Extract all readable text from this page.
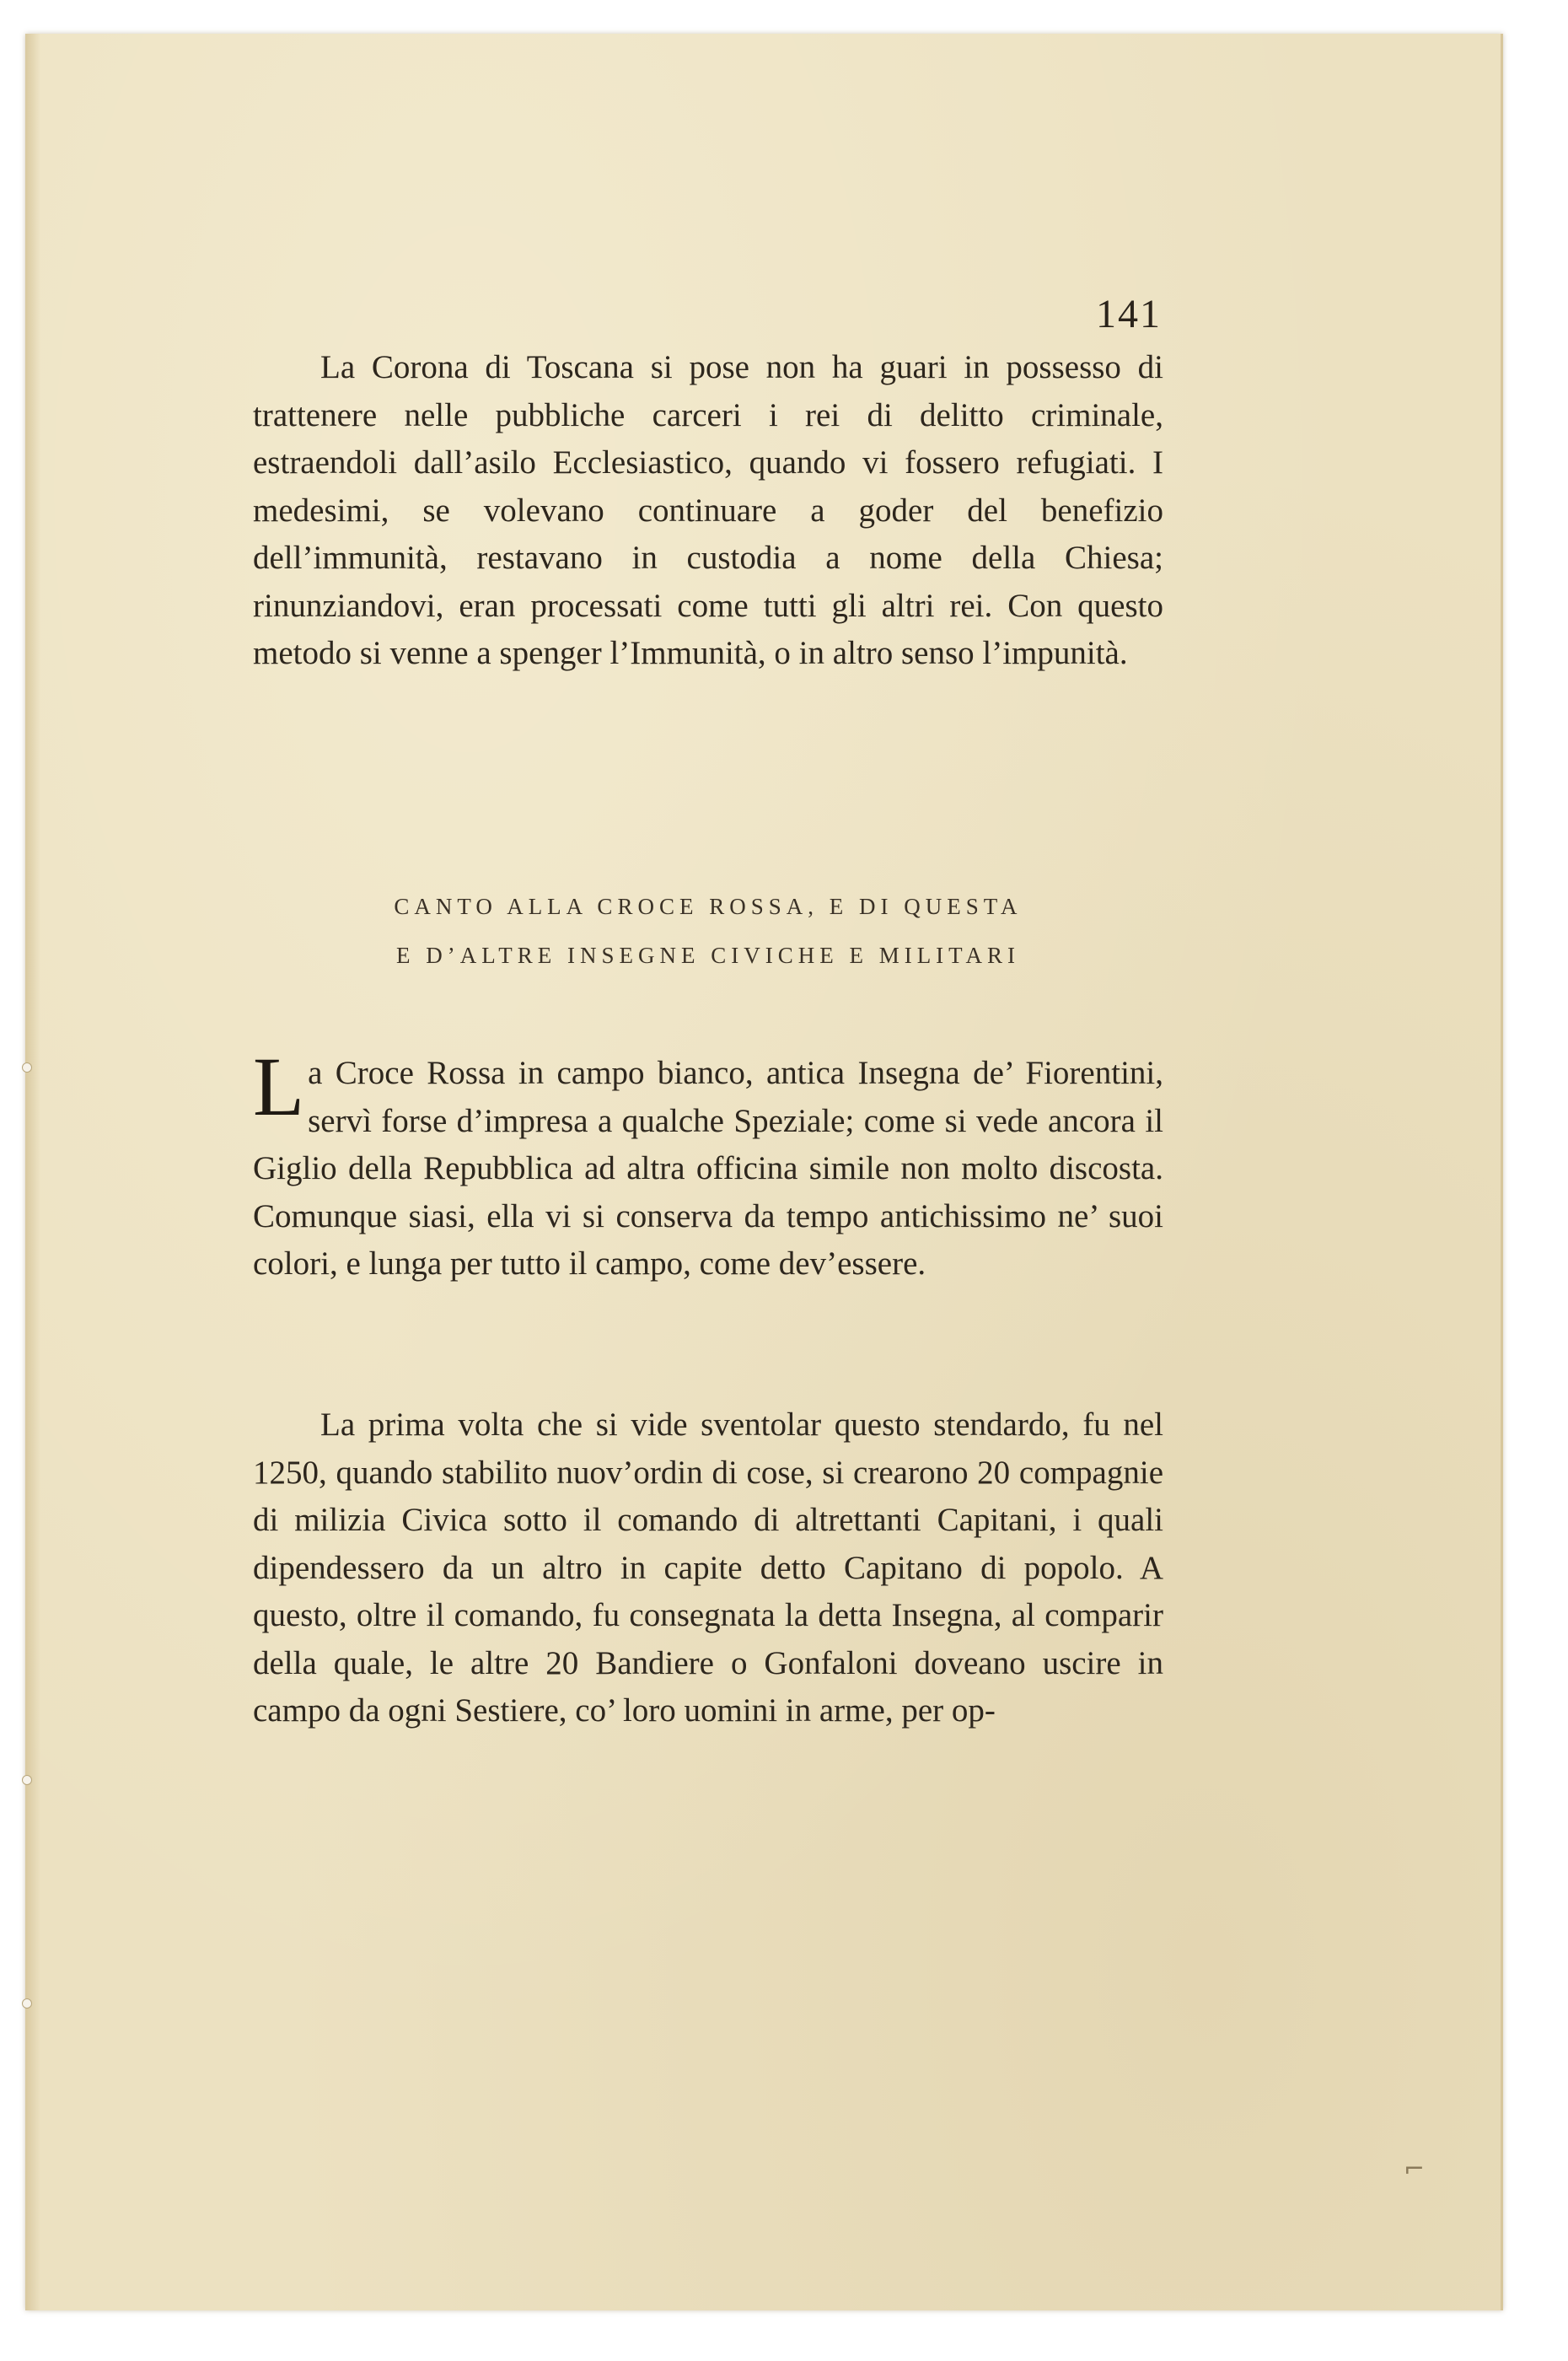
141

La Corona di Toscana si pose non ha guari in possesso di trattenere nelle pubbliche carceri i rei di delitto criminale, estraendoli dall’asilo Ecclesiastico, quando vi fossero refugiati. I medesimi, se volevano continuare a goder del benefizio dell’immunità, restavano in custodia a nome della Chiesa; rinunziandovi, eran processati come tutti gli altri rei. Con questo metodo si venne a spenger l’Immunità, o in altro senso l’impunità.

CANTO ALLA CROCE ROSSA, E DI QUESTA
E D’ALTRE INSEGNE CIVICHE E MILITARI

La Croce Rossa in campo bianco, antica Insegna de’ Fiorentini, servì forse d’impresa a qualche Speziale; come si vede ancora il Giglio della Repubblica ad altra officina simile non molto discosta. Comunque siasi, ella vi si conserva da tempo antichissimo ne’ suoi colori, e lunga per tutto il campo, come dev’essere.

La prima volta che si vide sventolar questo stendardo, fu nel 1250, quando stabilito nuov’ordin di cose, si crearono 20 compagnie di milizia Civica sotto il comando di altrettanti Capitani, i quali dipendessero da un altro in capite detto Capitano di popolo. A questo, oltre il comando, fu consegnata la detta Insegna, al comparir della quale, le altre 20 Bandiere o Gonfaloni doveano uscire in campo da ogni Sestiere, co’ loro uomini in arme, per op-

⌐
